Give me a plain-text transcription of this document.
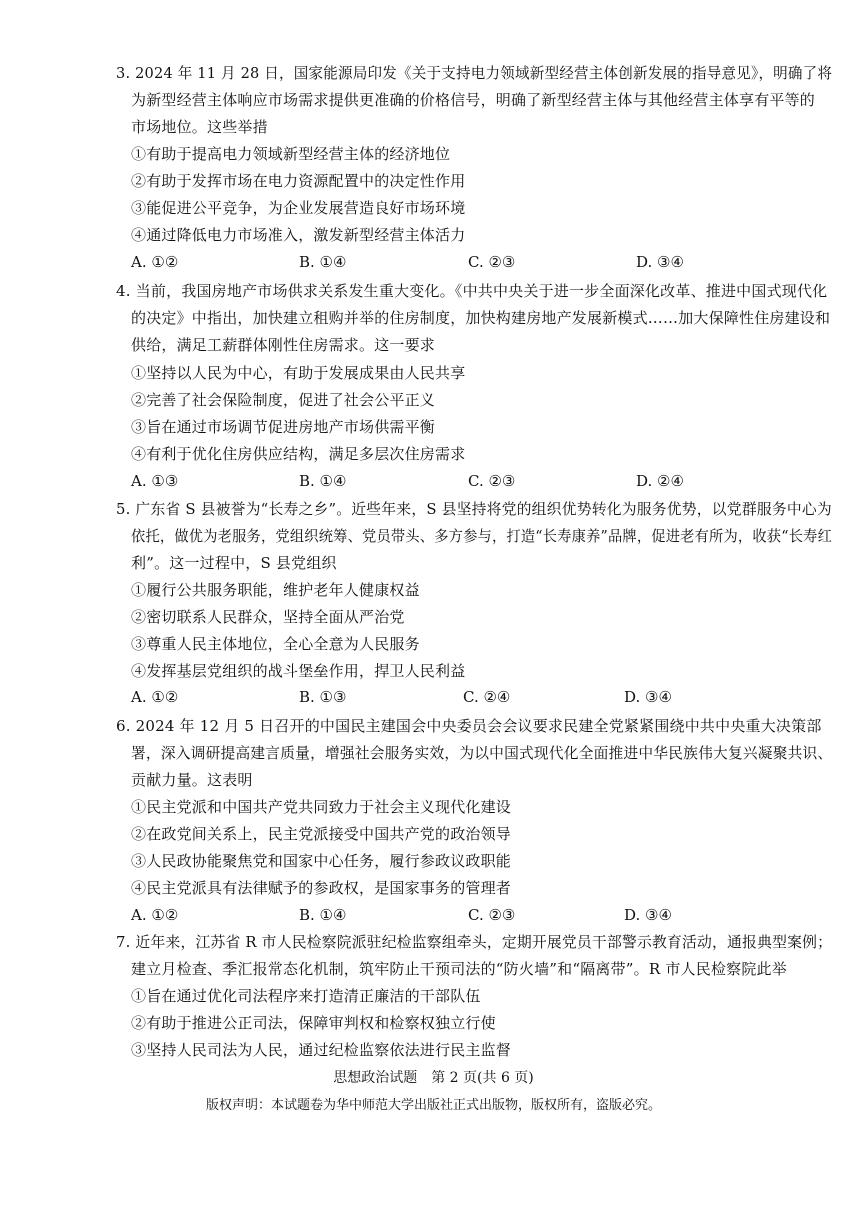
3. 2024 年 11 月 28 日，国家能源局印发《关于支持电力领域新型经营主体创新发展的指导意见》，明确了将
为新型经营主体响应市场需求提供更准确的价格信号，明确了新型经营主体与其他经营主体享有平等的
市场地位。这些举措
①有助于提高电力领域新型经营主体的经济地位
②有助于发挥市场在电力资源配置中的决定性作用
③能促进公平竞争，为企业发展营造良好市场环境
④通过降低电力市场准入，激发新型经营主体活力
A. ①②	B. ①④	C. ②③	D. ③④
4. 当前，我国房地产市场供求关系发生重大变化。《中共中央关于进一步全面深化改革、推进中国式现代化
的决定》中指出，加快建立租购并举的住房制度，加快构建房地产发展新模式……加大保障性住房建设和
供给，满足工薪群体刚性住房需求。这一要求
①坚持以人民为中心，有助于发展成果由人民共享
②完善了社会保险制度，促进了社会公平正义
③旨在通过市场调节促进房地产市场供需平衡
④有利于优化住房供应结构，满足多层次住房需求
A. ①③	B. ①④	C. ②③	D. ②④
5. 广东省 S 县被誉为“长寿之乡”。近些年来，S 县坚持将党的组织优势转化为服务优势，以党群服务中心为
依托，做优为老服务，党组织统筹、党员带头、多方参与，打造“长寿康养”品牌，促进老有所为，收获“长寿红
利”。这一过程中，S 县党组织
①履行公共服务职能，维护老年人健康权益
②密切联系人民群众，坚持全面从严治党
③尊重人民主体地位，全心全意为人民服务
④发挥基层党组织的战斗堡垒作用，捍卫人民利益
A. ①②	B. ①③	C. ②④	D. ③④
6. 2024 年 12 月 5 日召开的中国民主建国会中央委员会会议要求民建全党紧紧围绕中共中央重大决策部
署，深入调研提高建言质量，增强社会服务实效，为以中国式现代化全面推进中华民族伟大复兴凝聚共识、
贡献力量。这表明
①民主党派和中国共产党共同致力于社会主义现代化建设
②在政党间关系上，民主党派接受中国共产党的政治领导
③人民政协能聚焦党和国家中心任务，履行参政议政职能
④民主党派具有法律赋予的参政权，是国家事务的管理者
A. ①②	B. ①④	C. ②③	D. ③④
7. 近年来，江苏省 R 市人民检察院派驻纪检监察组牵头，定期开展党员干部警示教育活动，通报典型案例；
建立月检查、季汇报常态化机制，筑牢防止干预司法的“防火墙”和“隔离带”。R 市人民检察院此举
①旨在通过优化司法程序来打造清正廉洁的干部队伍
②有助于推进公正司法，保障审判权和检察权独立行使
③坚持人民司法为人民，通过纪检监察依法进行民主监督
思想政治试题　第 2 页(共 6 页)
版权声明：本试题卷为华中师范大学出版社正式出版物，版权所有，盗版必究。
